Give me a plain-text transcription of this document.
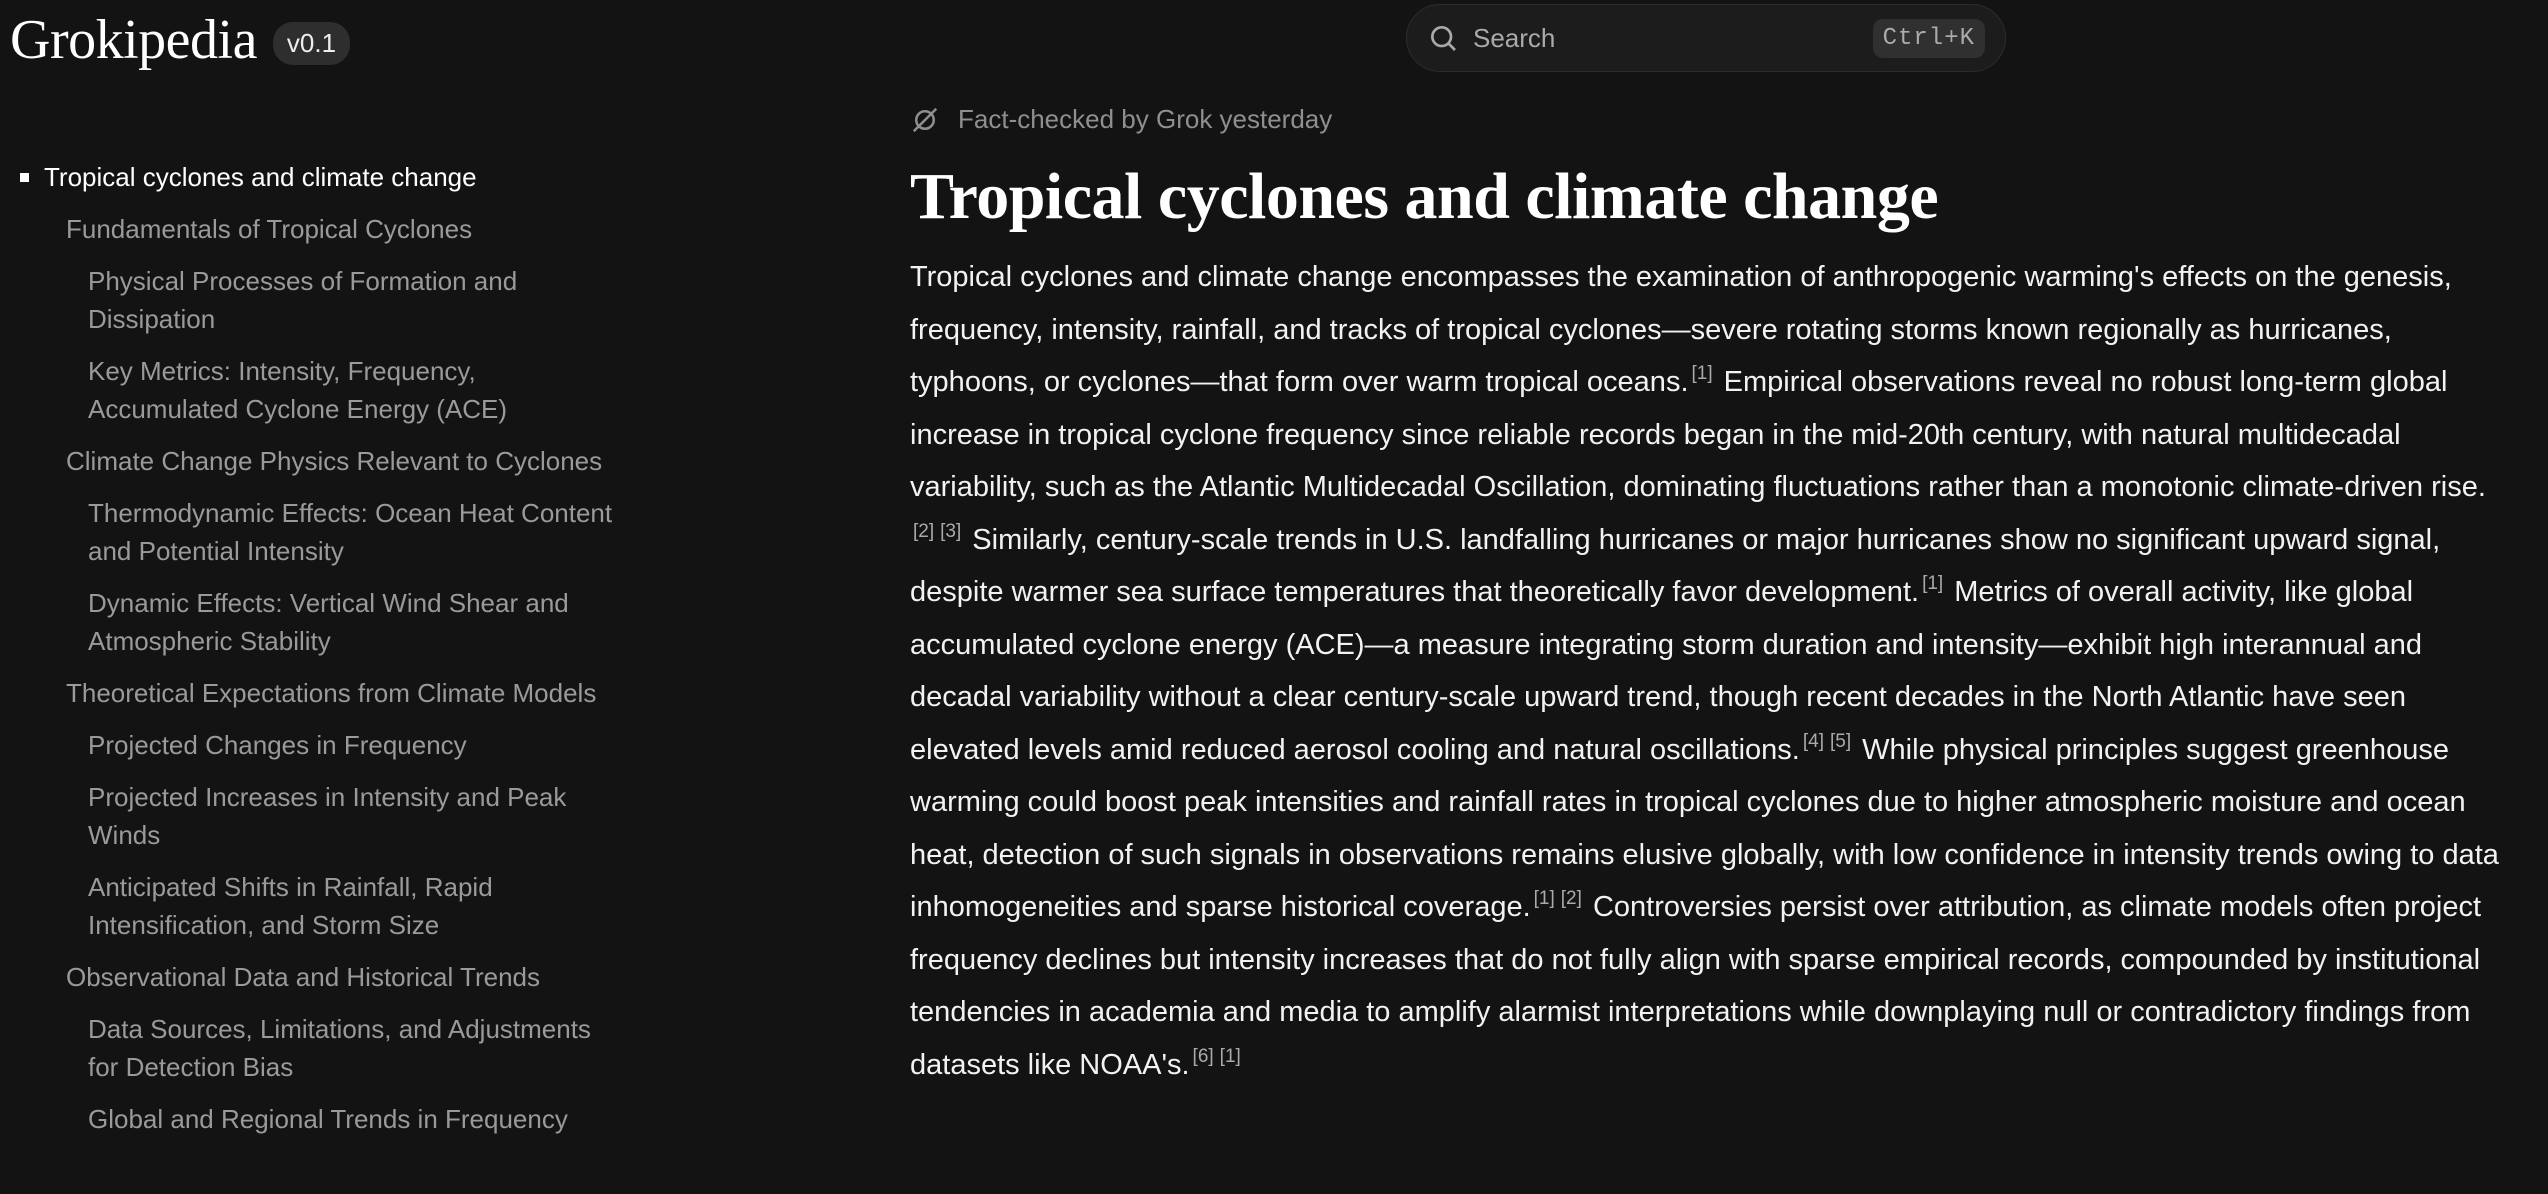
Grokipedia	v0.1
Search	Ctrl+K
Tropical cyclones and climate change
Fundamentals of Tropical Cyclones
Physical Processes of Formation and Dissipation
Key Metrics: Intensity, Frequency, Accumulated Cyclone Energy (ACE)
Climate Change Physics Relevant to Cyclones
Thermodynamic Effects: Ocean Heat Content and Potential Intensity
Dynamic Effects: Vertical Wind Shear and Atmospheric Stability
Theoretical Expectations from Climate Models
Projected Changes in Frequency
Projected Increases in Intensity and Peak Winds
Anticipated Shifts in Rainfall, Rapid Intensification, and Storm Size
Observational Data and Historical Trends
Data Sources, Limitations, and Adjustments for Detection Bias
Global and Regional Trends in Frequency
Fact-checked by Grok yesterday
Tropical cyclones and climate change

Tropical cyclones and climate change encompasses the examination of anthropogenic warming's effects on the genesis, frequency, intensity, rainfall, and tracks of tropical cyclones—severe rotating storms known regionally as hurricanes, typhoons, or cyclones—that form over warm tropical oceans. [1] Empirical observations reveal no robust long-term global increase in tropical cyclone frequency since reliable records began in the mid-20th century, with natural multidecadal variability, such as the Atlantic Multidecadal Oscillation, dominating fluctuations rather than a monotonic climate-driven rise.[2] [3] Similarly, century-scale trends in U.S. landfalling hurricanes or major hurricanes show no significant upward signal, despite warmer sea surface temperatures that theoretically favor development. [1] Metrics of overall activity, like global accumulated cyclone energy (ACE)—a measure integrating storm duration and intensity—exhibit high interannual and decadal variability without a clear century-scale upward trend, though recent decades in the North Atlantic have seen elevated levels amid reduced aerosol cooling and natural oscillations. [4] [5] While physical principles suggest greenhouse warming could boost peak intensities and rainfall rates in tropical cyclones due to higher atmospheric moisture and ocean heat, detection of such signals in observations remains elusive globally, with low confidence in intensity trends owing to data inhomogeneities and sparse historical coverage. [1] [2] Controversies persist over attribution, as climate models often project frequency declines but intensity increases that do not fully align with sparse empirical records, compounded by institutional tendencies in academia and media to amplify alarmist interpretations while downplaying null or contradictory findings from datasets like NOAA's. [6] [1]
